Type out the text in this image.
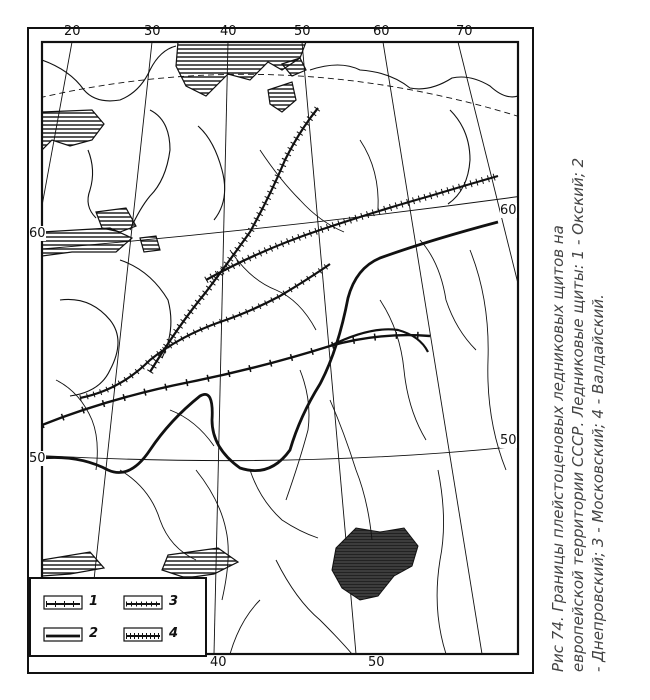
20	30	40	50	60	70
40	50
60
50
60
50
1	3
2	4	Рис 74. Границы плейстоценовых ледниковых щитов на европейской территории СССР. Ледниковые щиты: 1 - Окский; 2 - Днепровский; 3 - Московский; 4 - Валдайский.
